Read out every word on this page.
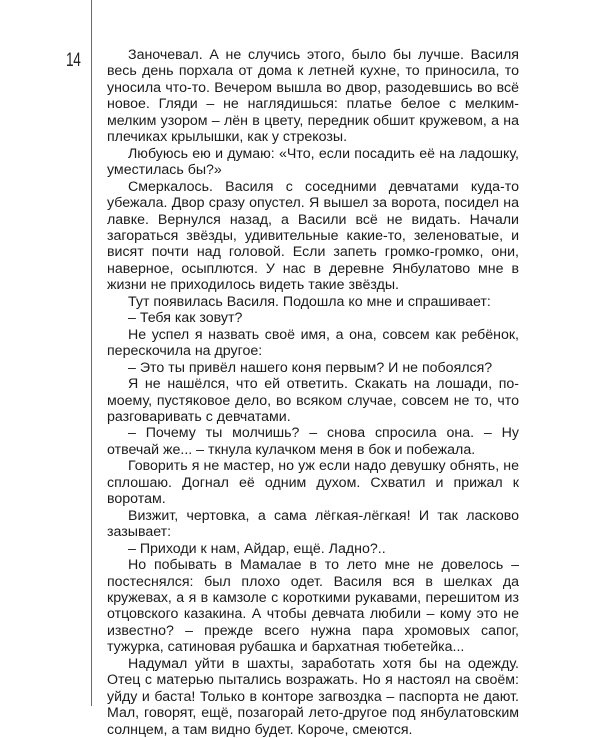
14	Заночевал. А не случись этого, было бы лучше. Василя весь день порхала от дома к летней кухне, то приносила, то уносила что-то. Вечером вышла во двор, разодевшись во всё новое. Гляди – не наглядишься: платье белое с мелким-мелким узором – лён в цвету, передник обшит кружевом, а на плечиках крылышки, как у стрекозы.

Любуюсь ею и думаю: «Что, если посадить её на ладошку, уместилась бы?»

Смеркалось. Василя с соседними девчатами куда-то убежала. Двор сразу опустел. Я вышел за ворота, посидел на лавке. Вернулся назад, а Васили всё не видать. Начали загораться звёзды, удивительные какие-то, зеленоватые, и висят почти над головой. Если запеть громко-громко, они, наверное, осыплются. У нас в деревне Янбулатово мне в жизни не приходилось видеть такие звёзды.

Тут появилась Василя. Подошла ко мне и спрашивает:

– Тебя как зовут?

Не успел я назвать своё имя, а она, совсем как ребёнок, перескочила на другое:

– Это ты привёл нашего коня первым? И не побоялся?

Я не нашёлся, что ей ответить. Скакать на лошади, по-моему, пустяковое дело, во всяком случае, совсем не то, что разговаривать с девчатами.

– Почему ты молчишь? – снова спросила она. – Ну отвечай же... – ткнула кулачком меня в бок и побежала.

Говорить я не мастер, но уж если надо девушку обнять, не сплошаю. Догнал её одним духом. Схватил и прижал к воротам.

Визжит, чертовка, а сама лёгкая-лёгкая! И так ласково зазывает:

– Приходи к нам, Айдар, ещё. Ладно?..

Но побывать в Мамалае в то лето мне не довелось – постеснялся: был плохо одет. Василя вся в шелках да кружевах, а я в камзоле с короткими рукавами, перешитом из отцовского казакина. А чтобы девчата любили – кому это не известно? – прежде всего нужна пара хромовых сапог, тужурка, сатиновая рубашка и бархатная тюбетейка...

Надумал уйти в шахты, заработать хотя бы на одежду. Отец с матерью пытались возражать. Но я настоял на своём: уйду и баста! Только в конторе загвоздка – паспорта не дают. Мал, говорят, ещё, позагорай лето-другое под янбулатовским солнцем, а там видно будет. Короче, смеются.
